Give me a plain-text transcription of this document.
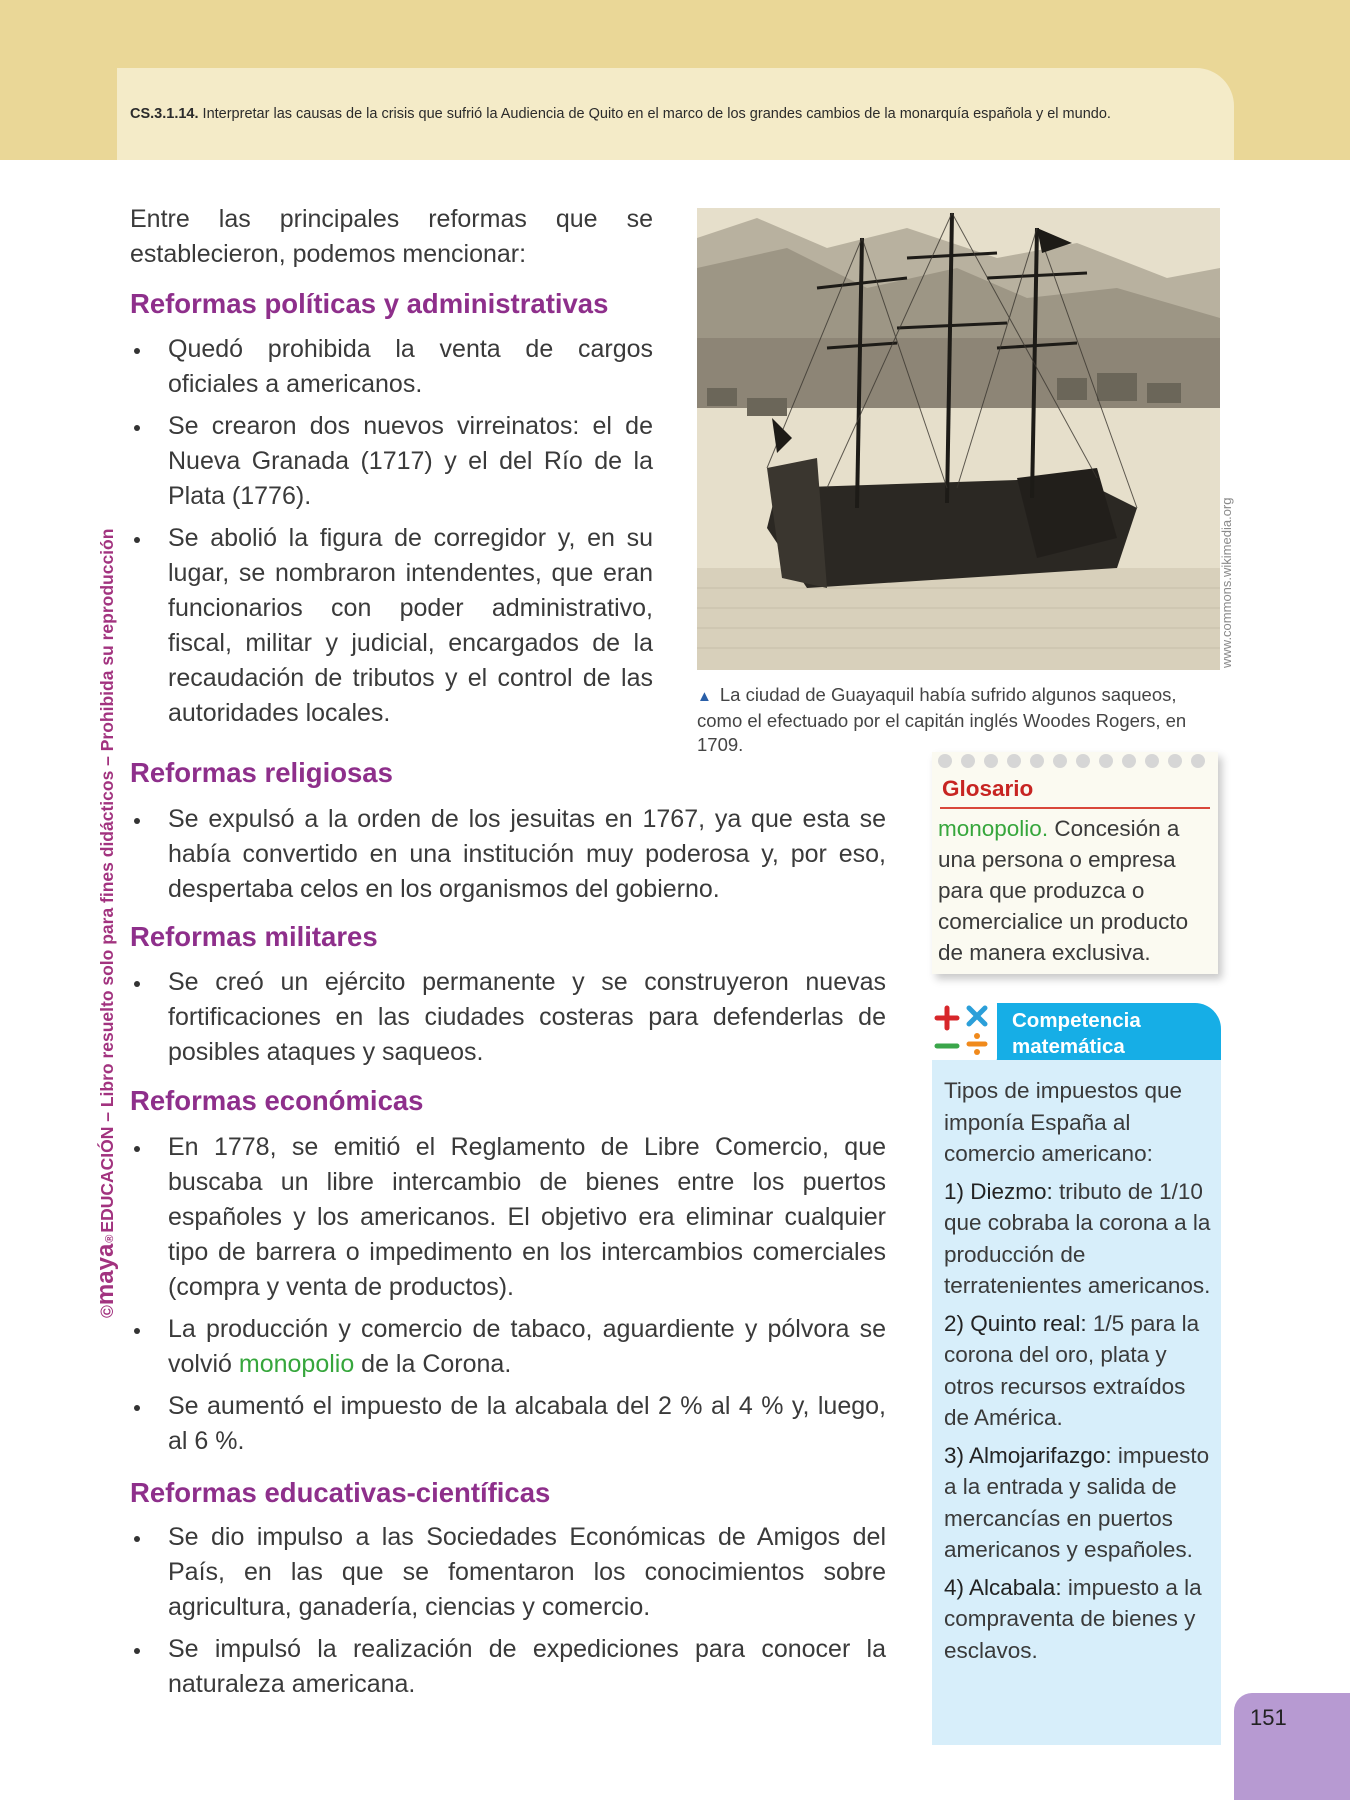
CS.3.1.14. Interpretar las causas de la crisis que sufrió la Audiencia de Quito en el marco de los grandes cambios de la monarquía española y el mundo.
©
maya
®
EDUCACIÓN – Libro resuelto solo para fines didácticos – Prohibida su reproducción
Entre las principales reformas que se establecieron, podemos mencionar:
Reformas políticas y administrativas
Quedó prohibida la venta de cargos oficiales a americanos.
Se crearon dos nuevos virreinatos: el de Nueva Granada (1717) y el del Río de la Plata (1776).
Se abolió la figura de corregidor y, en su lugar, se nombraron intendentes, que eran funcionarios con poder administrativo, fiscal, militar y judicial, encargados de la recaudación de tributos y el control de las autoridades locales.
Reformas religiosas
Se expulsó a la orden de los jesuitas en 1767, ya que esta se había convertido en una institución muy poderosa y, por eso, despertaba celos en los organismos del gobierno.
Reformas militares
Se creó un ejército permanente y se construyeron nuevas fortificaciones en las ciudades costeras para defenderlas de posibles ataques y saqueos.
Reformas económicas
En 1778, se emitió el Reglamento de Libre Comercio, que buscaba un libre intercambio de bienes entre los puertos españoles y los americanos. El objetivo era eliminar cualquier tipo de barrera o impedimento en los intercambios comerciales (compra y venta de productos).
La producción y comercio de tabaco, aguardiente y pólvora se volvió monopolio de la Corona.
Se aumentó el impuesto de la alcabala del 2 % al 4 % y, luego, al 6 %.
Reformas educativas-científicas
Se dio impulso a las Sociedades Económicas de Amigos del País, en las que se fomentaron los conocimientos sobre agricultura, ganadería, ciencias y comercio.
Se impulsó la realización de expediciones para conocer la naturaleza americana.
www.commons.wikimedia.org
▲ La ciudad de Guayaquil había sufrido algunos saqueos, como el efectuado por el capitán inglés Woodes Rogers, en 1709.
Glosario
monopolio. Concesión a una persona o empresa para que produzca o comercialice un producto de manera exclusiva.
Competencia
matemática

Tipos de impuestos que imponía España al comercio americano:

1) Diezmo: tributo de 1/10 que cobraba la corona a la producción de terratenientes americanos.

2) Quinto real: 1/5 para la corona del oro, plata y otros recursos extraídos de América.

3) Almojarifazgo: impuesto a la entrada y salida de mercancías en puertos americanos y españoles.

4) Alcabala: impuesto a la compraventa de bienes y esclavos.

151
